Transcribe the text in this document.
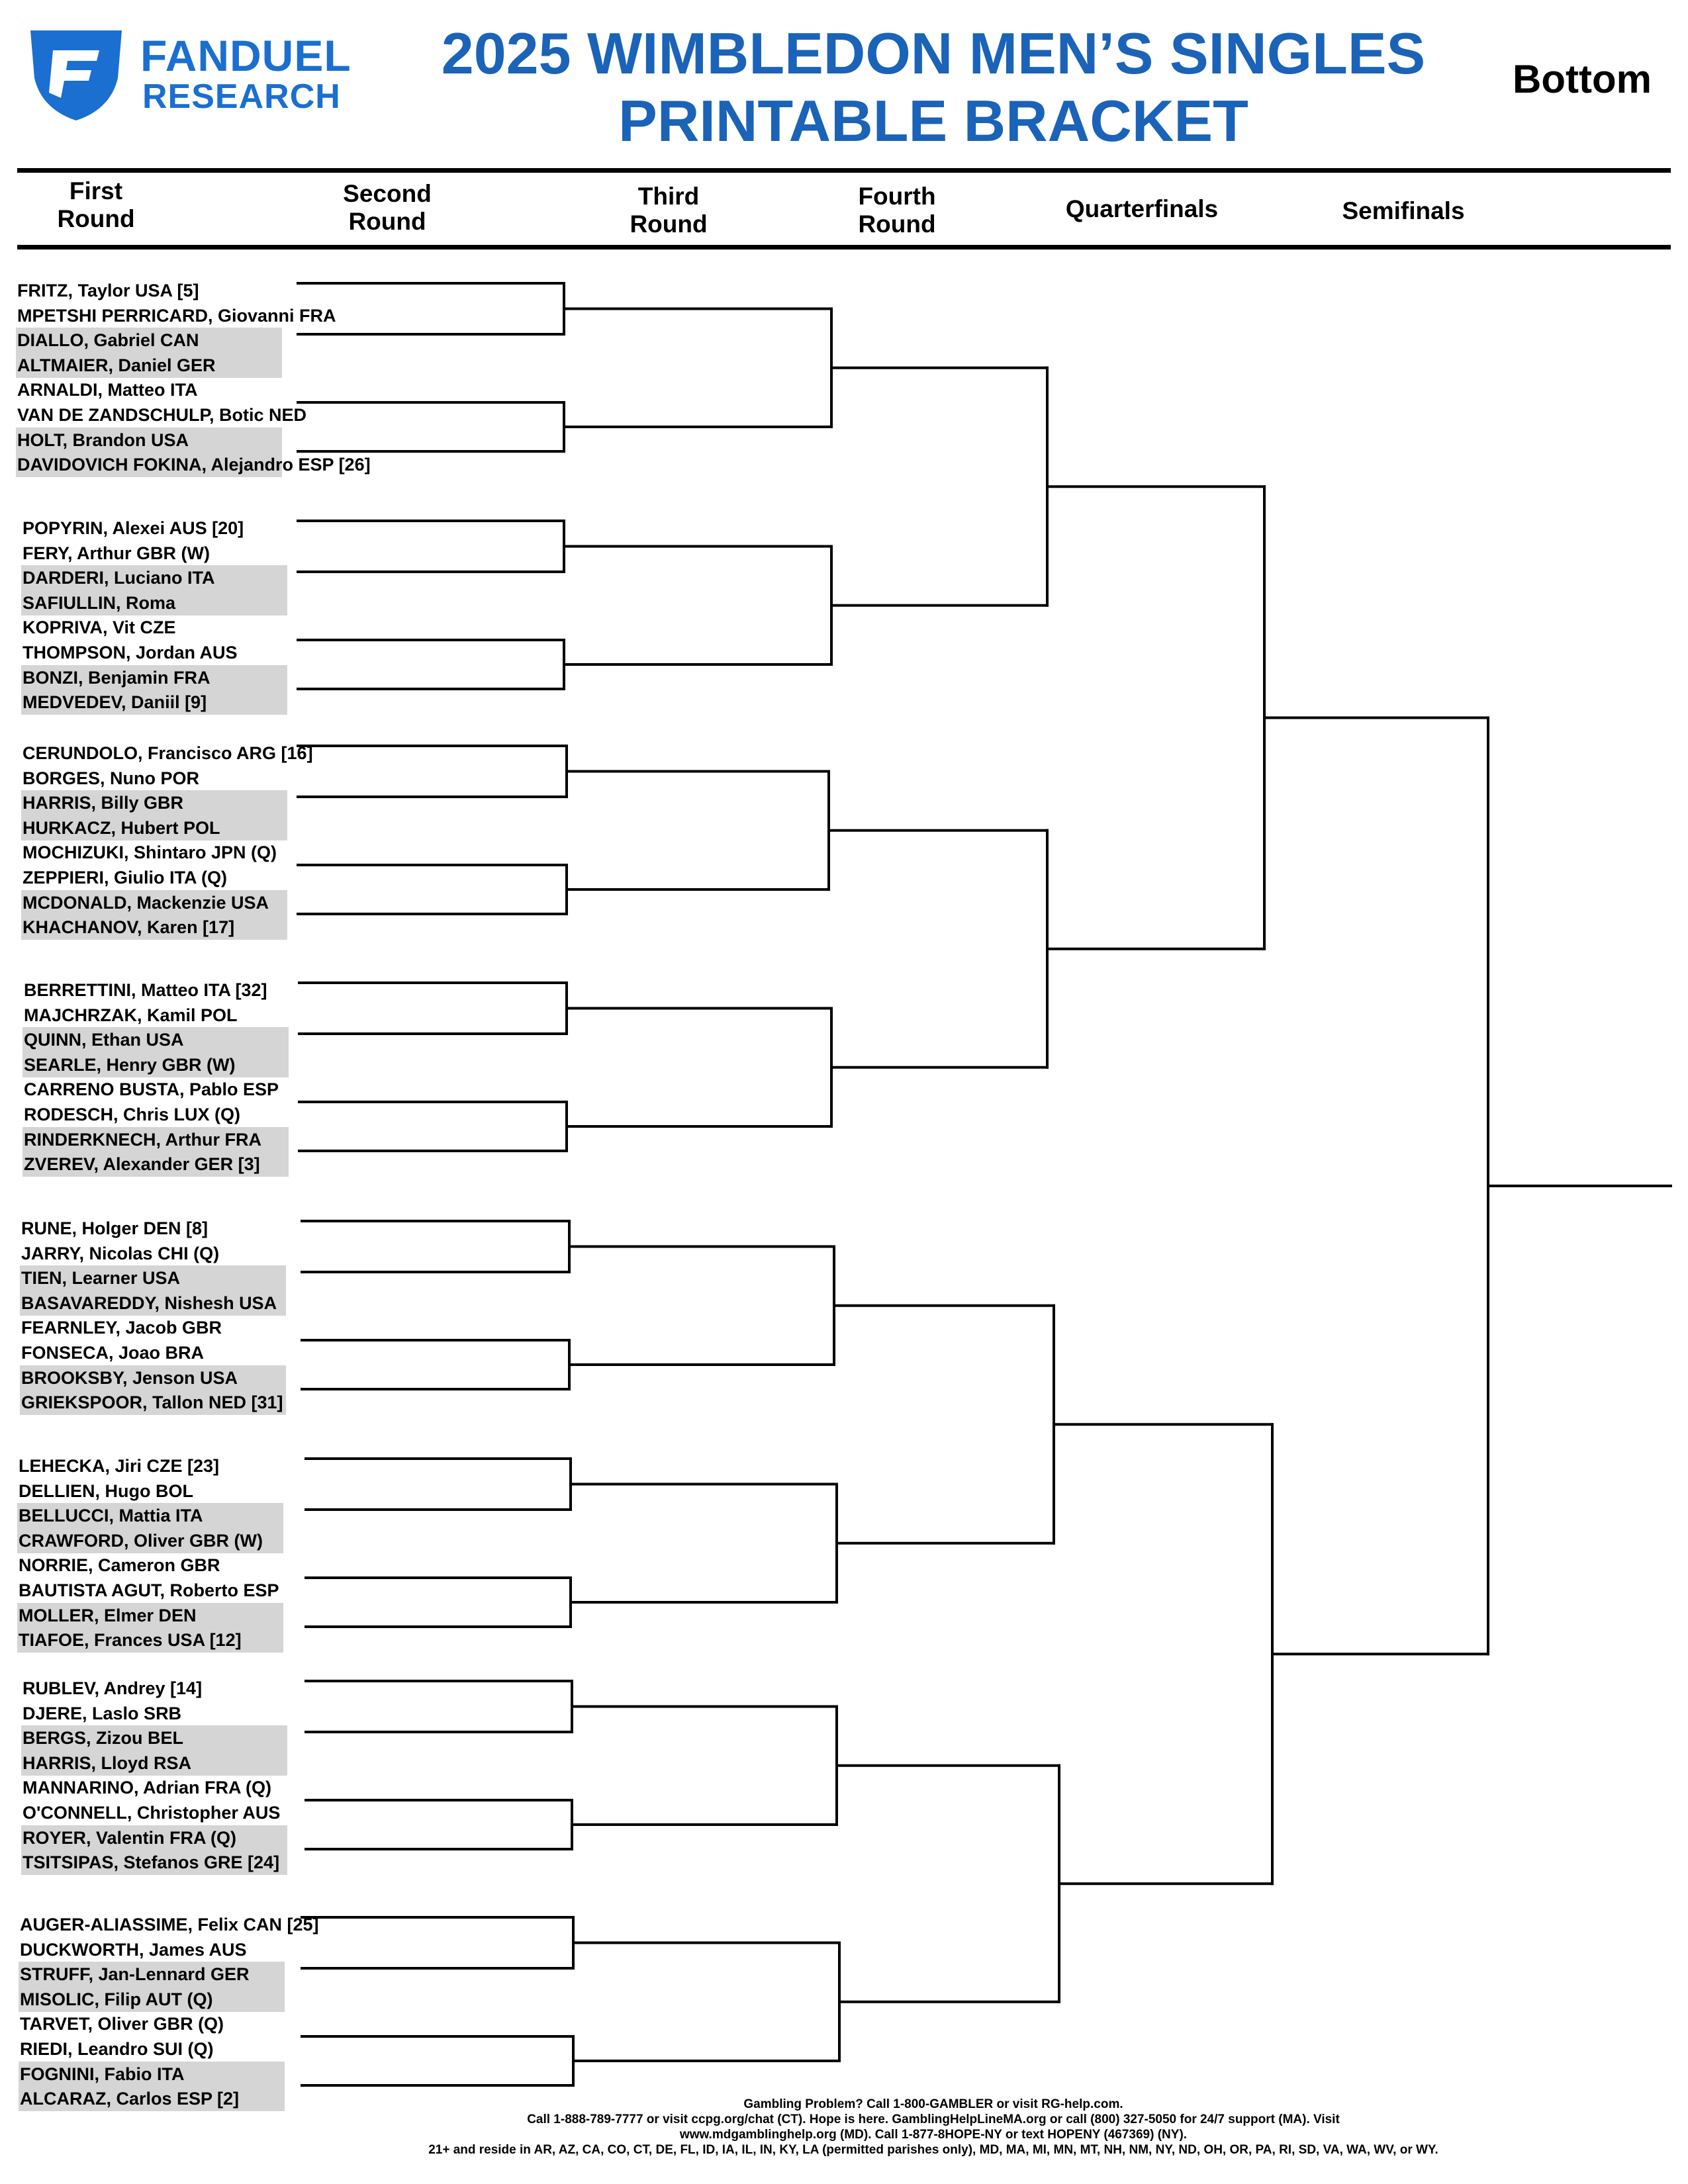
FANDUEL
RESEARCH
2025 WIMBLEDON MEN’S SINGLES
PRINTABLE BRACKET
Bottom
First
Round
Second
Round
Third
Round
Fourth
Round
Quarterfinals	Semifinals
FRITZ, Taylor USA [5]
MPETSHI PERRICARD, Giovanni FRA
DIALLO, Gabriel CAN
ALTMAIER, Daniel GER
ARNALDI, Matteo ITA
VAN DE ZANDSCHULP, Botic NED
HOLT, Brandon USA
DAVIDOVICH FOKINA, Alejandro ESP [26]
POPYRIN, Alexei AUS [20]
FERY, Arthur GBR (W)
DARDERI, Luciano ITA
SAFIULLIN, Roma
KOPRIVA, Vit CZE
THOMPSON, Jordan AUS
BONZI, Benjamin FRA
MEDVEDEV, Daniil [9]
CERUNDOLO, Francisco ARG [16]
BORGES, Nuno POR
HARRIS, Billy GBR
HURKACZ, Hubert POL
MOCHIZUKI, Shintaro JPN (Q)
ZEPPIERI, Giulio ITA (Q)
MCDONALD, Mackenzie USA
KHACHANOV, Karen [17]
BERRETTINI, Matteo ITA [32]
MAJCHRZAK, Kamil POL
QUINN, Ethan USA
SEARLE, Henry GBR (W)
CARRENO BUSTA, Pablo ESP
RODESCH, Chris LUX (Q)
RINDERKNECH, Arthur FRA
ZVEREV, Alexander GER [3]
RUNE, Holger DEN [8]
JARRY, Nicolas CHI (Q)
TIEN, Learner USA
BASAVAREDDY, Nishesh USA
FEARNLEY, Jacob GBR
FONSECA, Joao BRA
BROOKSBY, Jenson USA
GRIEKSPOOR, Tallon NED [31]
LEHECKA, Jiri CZE [23]
DELLIEN, Hugo BOL
BELLUCCI, Mattia ITA
CRAWFORD, Oliver GBR (W)
NORRIE, Cameron GBR
BAUTISTA AGUT, Roberto ESP
MOLLER, Elmer DEN
TIAFOE, Frances USA [12]
RUBLEV, Andrey [14]
DJERE, Laslo SRB
BERGS, Zizou BEL
HARRIS, Lloyd RSA
MANNARINO, Adrian FRA (Q)
O'CONNELL, Christopher AUS
ROYER, Valentin FRA (Q)
TSITSIPAS, Stefanos GRE [24]
AUGER-ALIASSIME, Felix CAN [25]
DUCKWORTH, James AUS
STRUFF, Jan-Lennard GER
MISOLIC, Filip AUT (Q)
TARVET, Oliver GBR (Q)
RIEDI, Leandro SUI (Q)
FOGNINI, Fabio ITA
ALCARAZ, Carlos ESP [2]	Gambling Problem? Call 1-800-GAMBLER or visit RG-help.com.
Call 1-888-789-7777 or visit ccpg.org/chat (CT). Hope is here. GamblingHelpLineMA.org or call (800) 327-5050 for 24/7 support (MA). Visit
www.mdgamblinghelp.org (MD). Call 1-877-8HOPE-NY or text HOPENY (467369) (NY).
21+ and reside in AR, AZ, CA, CO, CT, DE, FL, ID, IA, IL, IN, KY, LA (permitted parishes only), MD, MA, MI, MN, MT, NH, NM, NY, ND, OH, OR, PA, RI, SD, VA, WA, WV, or WY.
